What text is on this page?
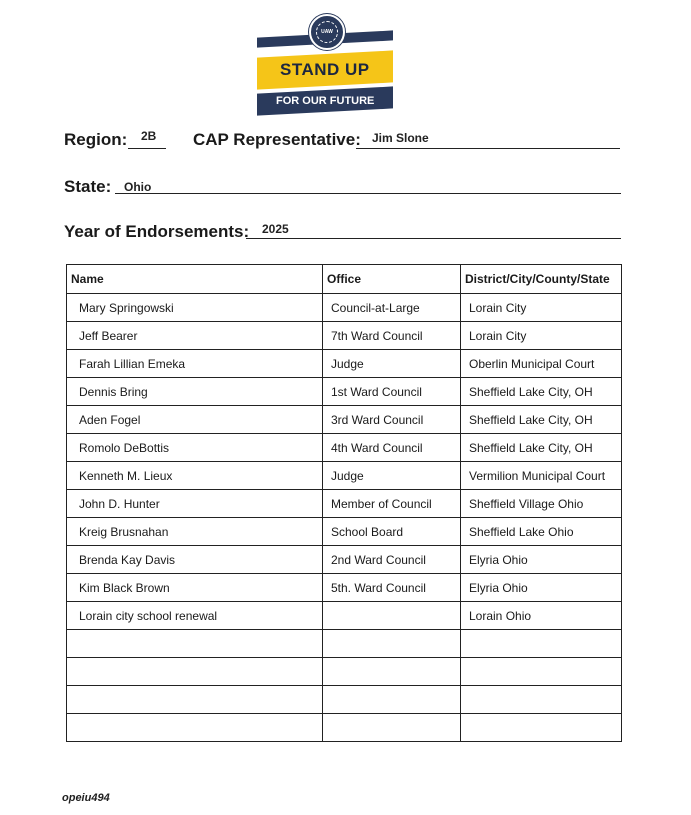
UAW
STAND UP
FOR OUR FUTURE
Region: 2B CAP Representative: Jim Slone
State: Ohio
Year of Endorsements: 2025
Name	Office	District/City/County/State
Mary Springowski	Council-at-Large	Lorain City
Jeff Bearer	7th Ward Council	Lorain City
Farah Lillian Emeka	Judge	Oberlin Municipal Court
Dennis Bring	1st Ward Council	Sheffield Lake City, OH
Aden Fogel	3rd Ward Council	Sheffield Lake City, OH
Romolo DeBottis	4th Ward Council	Sheffield Lake City, OH
Kenneth M. Lieux	Judge	Vermilion Municipal Court
John D. Hunter	Member of Council	Sheffield Village Ohio
Kreig Brusnahan	School Board	Sheffield Lake Ohio
Brenda Kay Davis	2nd Ward Council	Elyria Ohio
Kim Black Brown	5th. Ward Council	Elyria Ohio
Lorain city school renewal		Lorain Ohio

opeiu494
